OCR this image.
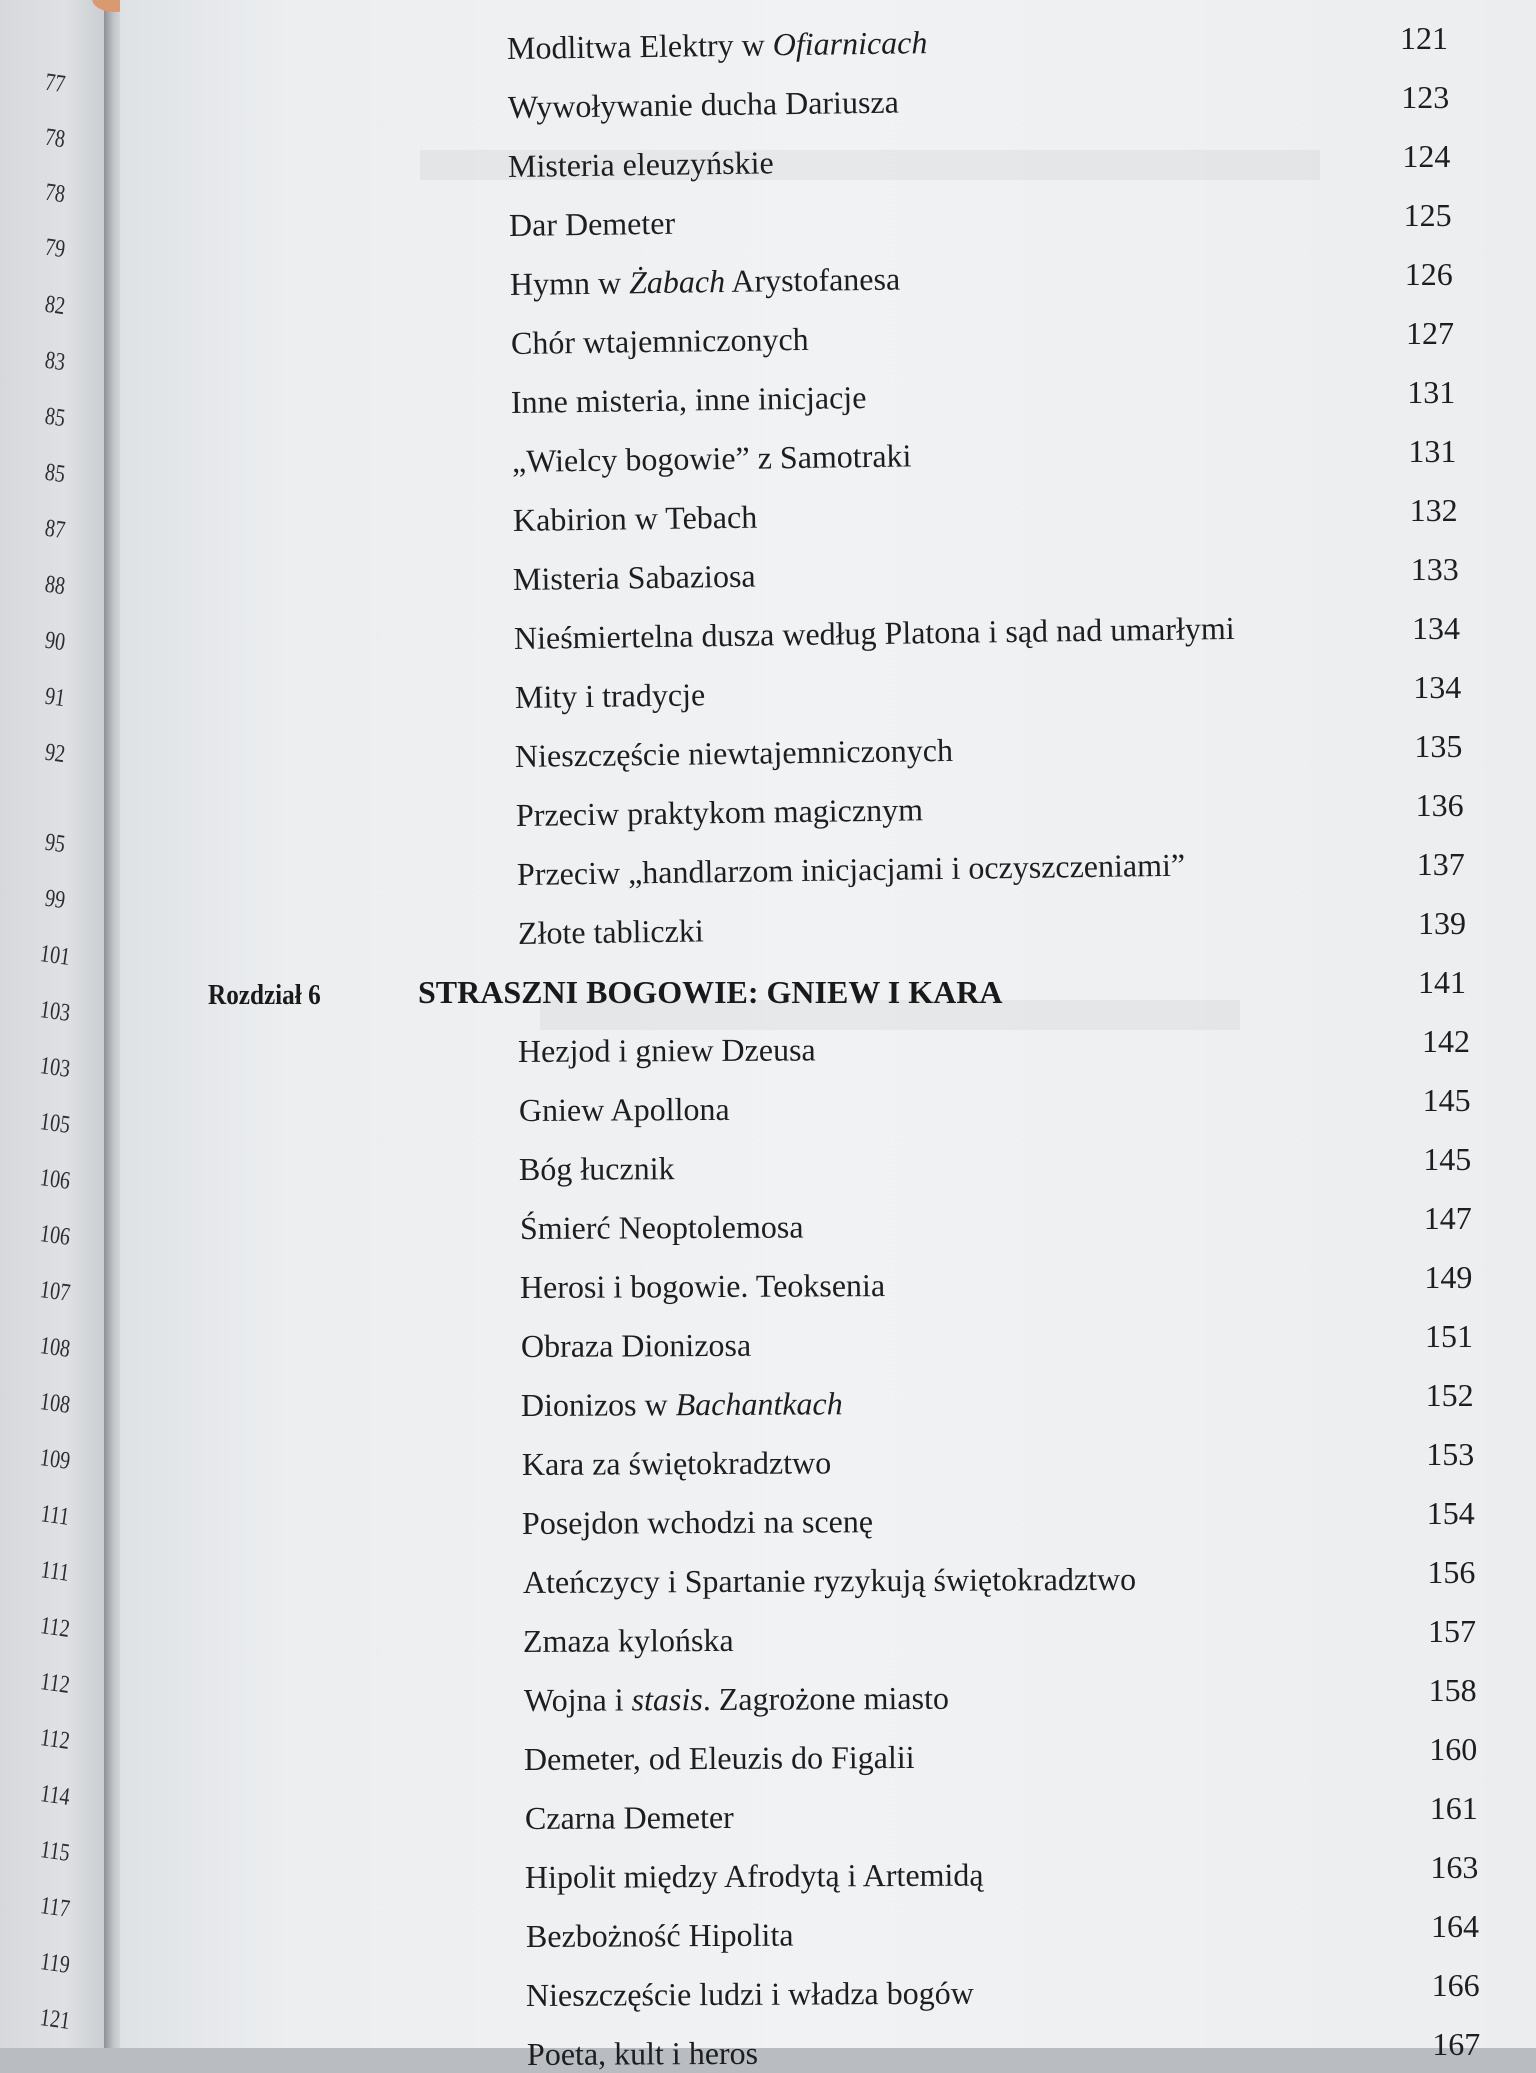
77
78
78
79
82
83
85
85
87
88
90
91
92
95
99
101
103
103
105
106
106
107
108
108
109
111
111
112
112
112
114
115
117
119
121
Modlitwa Elektry w Ofiarnicach	121
Wywoływanie ducha Dariusza	123
Misteria eleuzyńskie	124
Dar Demeter	125
Hymn w Żabach Arystofanesa	126
Chór wtajemniczonych	127
Inne misteria, inne inicjacje	131
„Wielcy bogowie” z Samotraki	131
Kabirion w Tebach	132
Misteria Sabaziosa	133
Nieśmiertelna dusza według Platona i sąd nad umarłymi	134
Mity i tradycje	134
Nieszczęście niewtajemniczonych	135
Przeciw praktykom magicznym	136
Przeciw „handlarzom inicjacjami i oczyszczeniami”	137
Złote tabliczki	139
Rozdział 6	STRASZNI BOGOWIE: GNIEW I KARA	141
Hezjod i gniew Dzeusa	142
Gniew Apollona	145
Bóg łucznik	145
Śmierć Neoptolemosa	147
Herosi i bogowie. Teoksenia	149
Obraza Dionizosa	151
Dionizos w Bachantkach	152
Kara za świętokradztwo	153
Posejdon wchodzi na scenę	154
Ateńczycy i Spartanie ryzykują świętokradztwo	156
Zmaza kylońska	157
Wojna i stasis. Zagrożone miasto	158
Demeter, od Eleuzis do Figalii	160
Czarna Demeter	161
Hipolit między Afrodytą i Artemidą	163
Bezbożność Hipolita	164
Nieszczęście ludzi i władza bogów	166
Poeta, kult i heros	167
